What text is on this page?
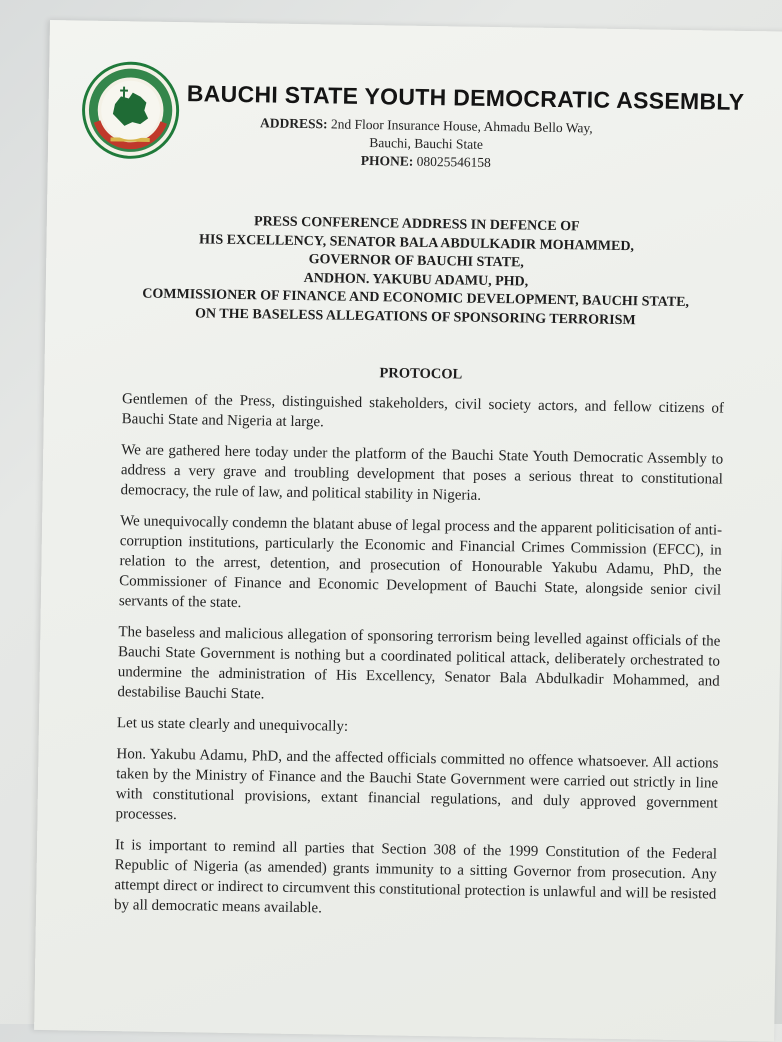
BAUCHI STATE YOUTH DEMOCRATIC ASSEMBLY
ADDRESS: 2nd Floor Insurance House, Ahmadu Bello Way,
Bauchi, Bauchi State
PHONE: 08025546158
PRESS CONFERENCE ADDRESS IN DEFENCE OF
HIS EXCELLENCY, SENATOR BALA ABDULKADIR MOHAMMED,
GOVERNOR OF BAUCHI STATE,
ANDHON. YAKUBU ADAMU, PHD,
COMMISSIONER OF FINANCE AND ECONOMIC DEVELOPMENT, BAUCHI STATE,
ON THE BASELESS ALLEGATIONS OF SPONSORING TERRORISM
PROTOCOL

Gentlemen of the Press, distinguished stakeholders, civil society actors, and fellow citizens of Bauchi State and Nigeria at large.

We are gathered here today under the platform of the Bauchi State Youth Democratic Assembly to address a very grave and troubling development that poses a serious threat to constitutional democracy, the rule of law, and political stability in Nigeria.

We unequivocally condemn the blatant abuse of legal process and the apparent politicisation of anti-corruption institutions, particularly the Economic and Financial Crimes Commission (EFCC), in relation to the arrest, detention, and prosecution of Honourable Yakubu Adamu, PhD, the Commissioner of Finance and Economic Development of Bauchi State, alongside senior civil servants of the state.

The baseless and malicious allegation of sponsoring terrorism being levelled against officials of the Bauchi State Government is nothing but a coordinated political attack, deliberately orchestrated to undermine the administration of His Excellency, Senator Bala Abdulkadir Mohammed, and destabilise Bauchi State.

Let us state clearly and unequivocally:

Hon. Yakubu Adamu, PhD, and the affected officials committed no offence whatsoever. All actions taken by the Ministry of Finance and the Bauchi State Government were carried out strictly in line with constitutional provisions, extant financial regulations, and duly approved government processes.

It is important to remind all parties that Section 308 of the 1999 Constitution of the Federal Republic of Nigeria (as amended) grants immunity to a sitting Governor from prosecution. Any attempt direct or indirect to circumvent this constitutional protection is unlawful and will be resisted by all democratic means available.
